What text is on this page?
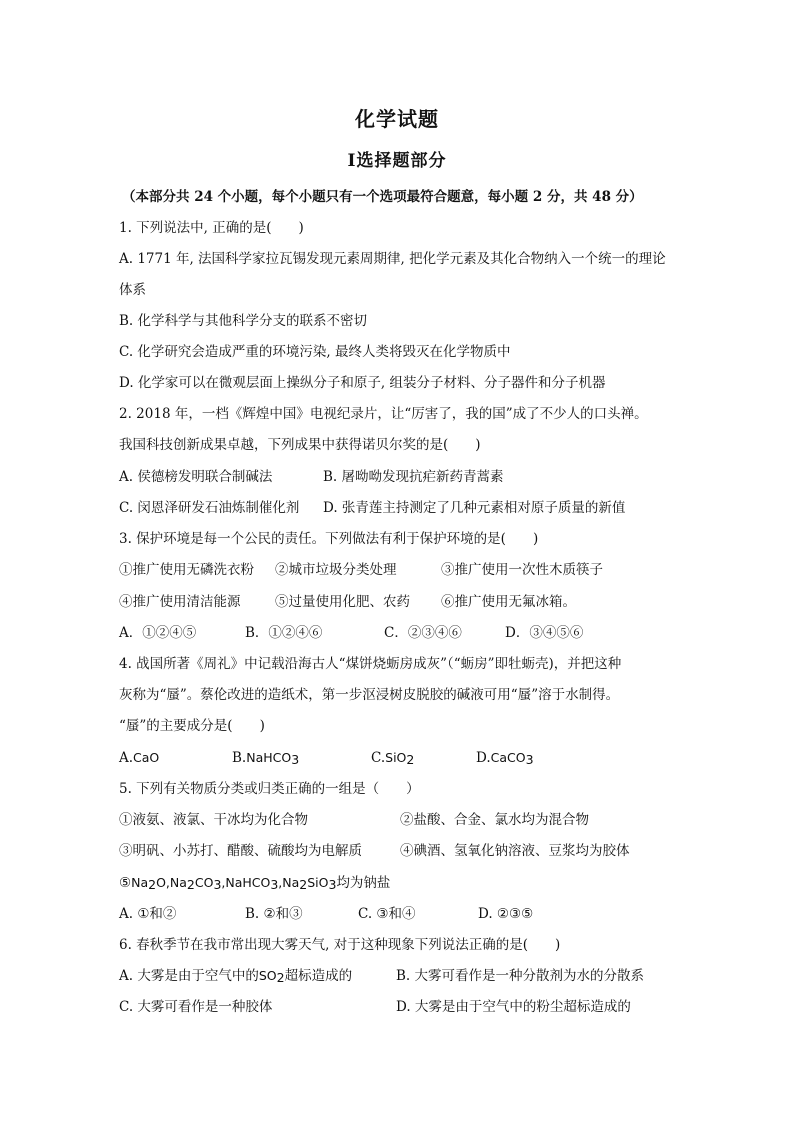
化学试题
Ⅰ选择题部分
（本部分共 24 个小题，每个小题只有一个选项最符合题意，每小题 2 分，共 48 分）
1. 下列说法中, 正确的是(　　)
A. 1771 年, 法国科学家拉瓦锡发现元素周期律, 把化学元素及其化合物纳入一个统一的理论
体系
B. 化学科学与其他科学分支的联系不密切
C. 化学研究会造成严重的环境污染, 最终人类将毁灭在化学物质中
D. 化学家可以在微观层面上操纵分子和原子, 组装分子材料、分子器件和分子机器
2. 2018 年，一档《辉煌中国》电视纪录片，让“厉害了，我的国”成了不少人的口头禅。
我国科技创新成果卓越，下列成果中获得诺贝尔奖的是(　　)
A. 侯德榜发明联合制碱法	B. 屠呦呦发现抗疟新药青蒿素
C. 闵恩泽研发石油炼制催化剂 D. 张青莲主持测定了几种元素相对原子质量的新值
3. 保护环境是每一个公民的责任。下列做法有利于保护环境的是(　　)
①推广使用无磷洗衣粉 ②城市垃圾分类处理	③推广使用一次性木质筷子
④推广使用清洁能源	⑤过量使用化肥、农药 ⑥推广使用无氟冰箱。
A．①②④⑤	B．①②④⑥	C．②③④⑥	D．③④⑤⑥
4. 战国所著《周礼》中记载沿海古人“煤饼烧蛎房成灰”（“蛎房”即牡蛎壳)，并把这种
灰称为“蜃”。蔡伦改进的造纸术，第一步沤浸树皮脱胶的碱液可用“蜃”溶于水制得。
“蜃”的主要成分是(　　)
A.CaO	B.NaHCO$_3$	C.SiO$_2$	D.CaCO$_3$
5. 下列有关物质分类或归类正确的一组是（　　）
①液氨、液氯、干冰均为化合物	②盐酸、合金、氯水均为混合物
③明矾、小苏打、醋酸、硫酸均为电解质	④碘酒、氢氧化钠溶液、豆浆均为胶体
$⑤Na_2O,Na_2CO_3,NaHCO_3,Na_2SiO_3$均为钠盐
A. ①和②	B. ②和③	C. ③和④	D. ②③⑤
6. 春秋季节在我市常出现大雾天气, 对于这种现象下列说法正确的是(　　)
A. 大雾是由于空气中的$SO_2$超标造成的	B. 大雾可看作是一种分散剂为水的分散系
C. 大雾可看作是一种胶体	D. 大雾是由于空气中的粉尘超标造成的
